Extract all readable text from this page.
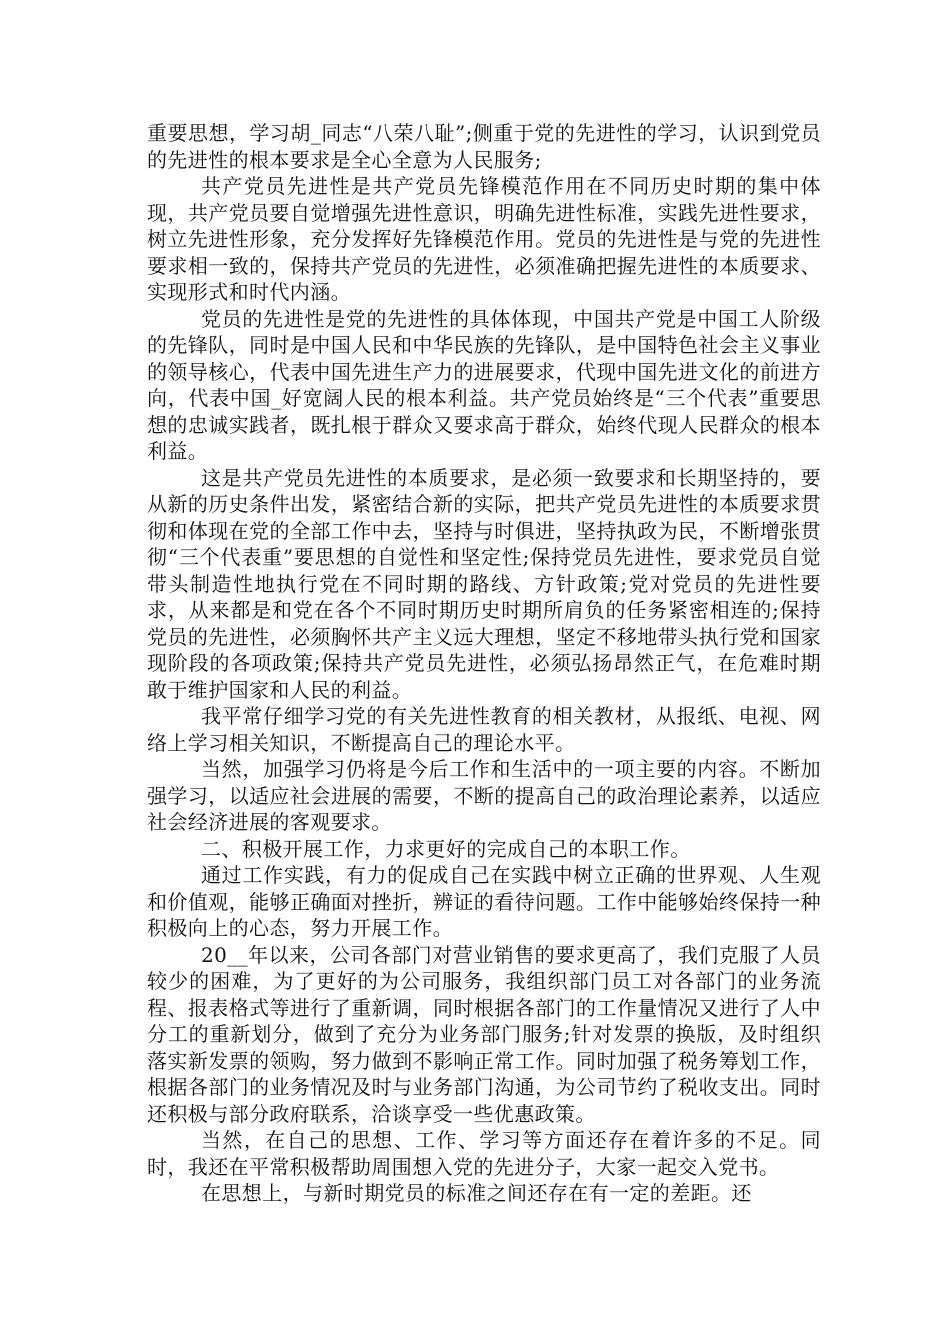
重要思想，学习胡_同志“八荣八耻”;侧重于党的先进性的学习，认识到党员的先进性的根本要求是全心全意为人民服务;

共产党员先进性是共产党员先锋模范作用在不同历史时期的集中体现，共产党员要自觉增强先进性意识，明确先进性标准，实践先进性要求，树立先进性形象，充分发挥好先锋模范作用。党员的先进性是与党的先进性要求相一致的，保持共产党员的先进性，必须准确把握先进性的本质要求、实现形式和时代内涵。

党员的先进性是党的先进性的具体体现，中国共产党是中国工人阶级的先锋队，同时是中国人民和中华民族的先锋队，是中国特色社会主义事业的领导核心，代表中国先进生产力的进展要求，代现中国先进文化的前进方向，代表中国_好宽阔人民的根本利益。共产党员始终是“三个代表”重要思想的忠诚实践者，既扎根于群众又要求高于群众，始终代现人民群众的根本利益。

这是共产党员先进性的本质要求，是必须一致要求和长期坚持的，要从新的历史条件出发，紧密结合新的实际，把共产党员先进性的本质要求贯彻和体现在党的全部工作中去，坚持与时俱进，坚持执政为民，不断增张贯彻“三个代表重”要思想的自觉性和坚定性;保持党员先进性，要求党员自觉带头制造性地执行党在不同时期的路线、方针政策;党对党员的先进性要求，从来都是和党在各个不同时期历史时期所肩负的任务紧密相连的;保持党员的先进性，必须胸怀共产主义远大理想，坚定不移地带头执行党和国家现阶段的各项政策;保持共产党员先进性，必须弘扬昂然正气，在危难时期敢于维护国家和人民的利益。

我平常仔细学习党的有关先进性教育的相关教材，从报纸、电视、网络上学习相关知识，不断提高自己的理论水平。

当然，加强学习仍将是今后工作和生活中的一项主要的内容。不断加强学习，以适应社会进展的需要，不断的提高自己的政治理论素养，以适应社会经济进展的客观要求。

二、积极开展工作，力求更好的完成自己的本职工作。

通过工作实践，有力的促成自己在实践中树立正确的世界观、人生观和价值观，能够正确面对挫折，辨证的看待问题。工作中能够始终保持一种积极向上的心态，努力开展工作。

20__年以来，公司各部门对营业销售的要求更高了，我们克服了人员较少的困难，为了更好的为公司服务，我组织部门员工对各部门的业务流程、报表格式等进行了重新调，同时根据各部门的工作量情况又进行了人中分工的重新划分，做到了充分为业务部门服务;针对发票的换版，及时组织落实新发票的领购，努力做到不影响正常工作。同时加强了税务筹划工作，根据各部门的业务情况及时与业务部门沟通，为公司节约了税收支出。同时还积极与部分政府联系，洽谈享受一些优惠政策。

当然，在自己的思想、工作、学习等方面还存在着许多的不足。同时，我还在平常积极帮助周围想入党的先进分子，大家一起交入党书。

在思想上，与新时期党员的标准之间还存在有一定的差距。还
